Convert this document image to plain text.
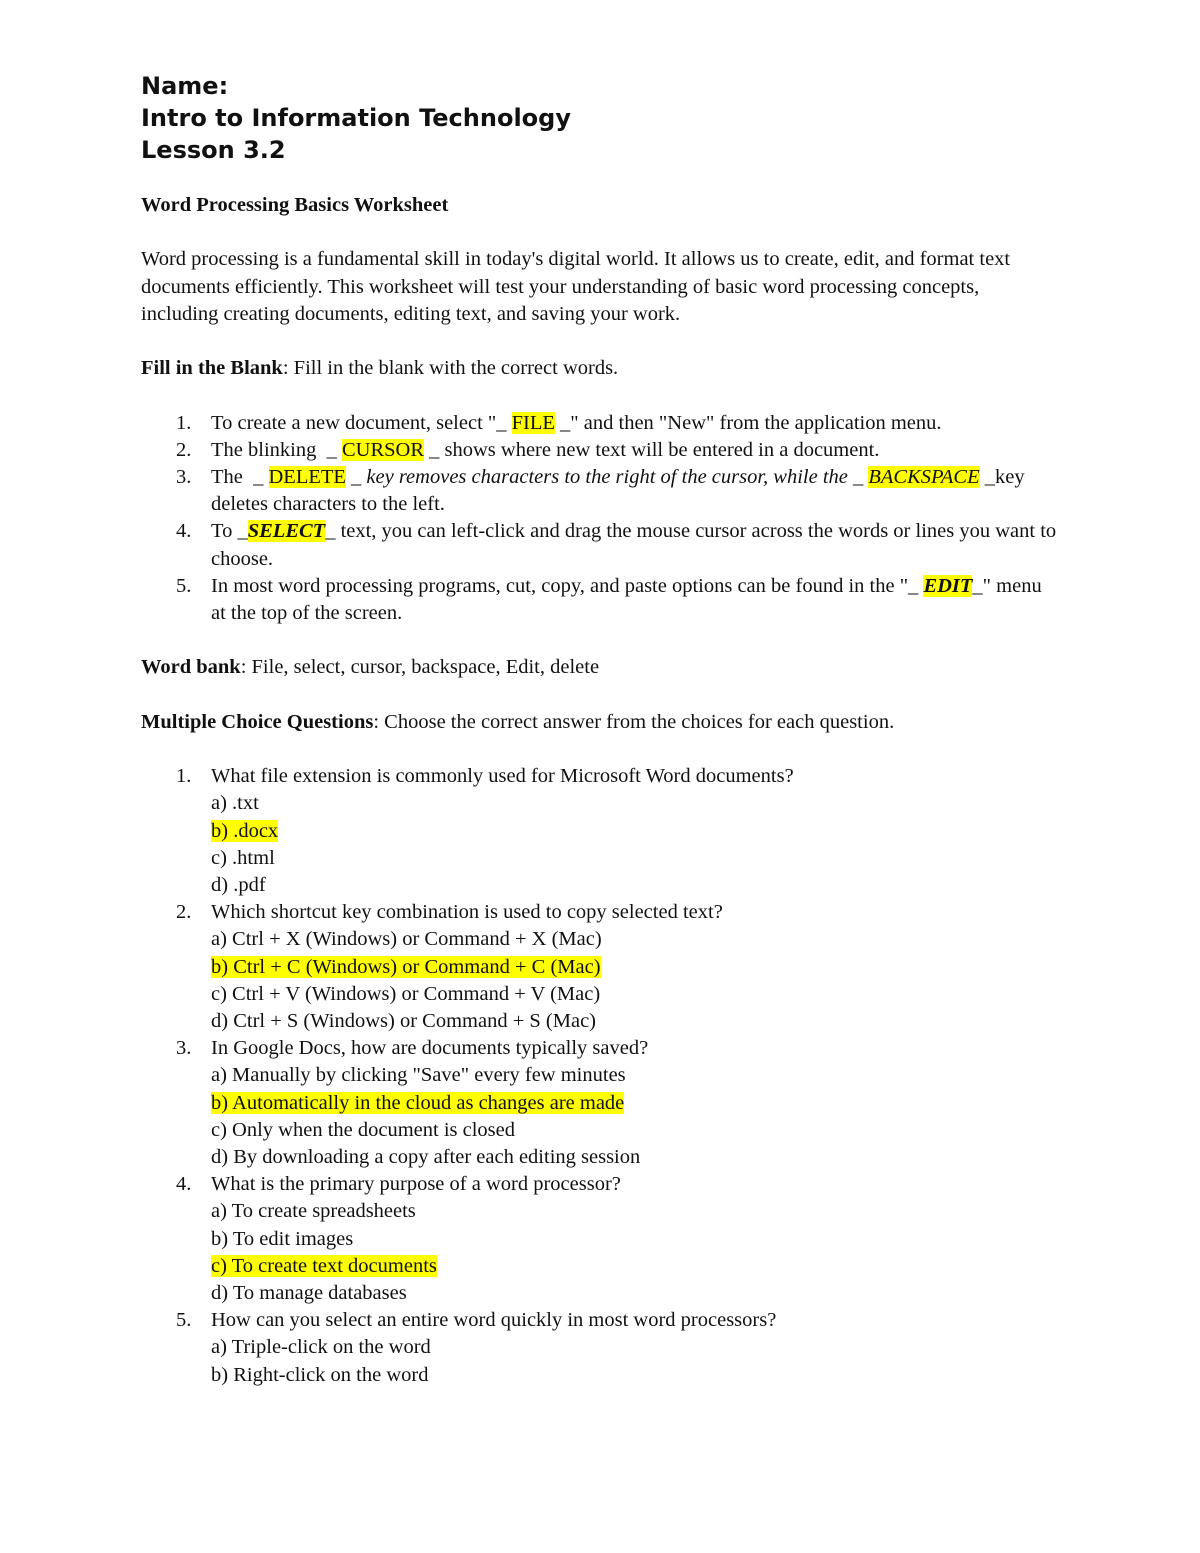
Name:
Intro to Information Technology
Lesson 3.2

Word Processing Basics Worksheet

Word processing is a fundamental skill in today's digital world. It allows us to create, edit, and format text documents efficiently. This worksheet will test your understanding of basic word processing concepts, including creating documents, editing text, and saving your work.

Fill in the Blank: Fill in the blank with the correct words.

1. To create a new document, select "_ FILE _" and then "New" from the application menu.
2. The blinking  _ CURSOR _ shows where new text will be entered in a document.
3. The  _ DELETE _ key removes characters to the right of the cursor, while the _ BACKSPACE _key deletes characters to the left.
4. To _SELECT_ text, you can left-click and drag the mouse cursor across the words or lines you want to choose.
5. In most word processing programs, cut, copy, and paste options can be found in the "_ EDIT_" menu at the top of the screen.

Word bank: File, select, cursor, backspace, Edit, delete

Multiple Choice Questions: Choose the correct answer from the choices for each question.

1. What file extension is commonly used for Microsoft Word documents?
a) .txt
b) .docx
c) .html
d) .pdf
2. Which shortcut key combination is used to copy selected text?
a) Ctrl + X (Windows) or Command + X (Mac)
b) Ctrl + C (Windows) or Command + C (Mac)
c) Ctrl + V (Windows) or Command + V (Mac)
d) Ctrl + S (Windows) or Command + S (Mac)
3. In Google Docs, how are documents typically saved?
a) Manually by clicking "Save" every few minutes
b) Automatically in the cloud as changes are made
c) Only when the document is closed
d) By downloading a copy after each editing session
4. What is the primary purpose of a word processor?
a) To create spreadsheets
b) To edit images
c) To create text documents
d) To manage databases
5. How can you select an entire word quickly in most word processors?
a) Triple-click on the word
b) Right-click on the word
